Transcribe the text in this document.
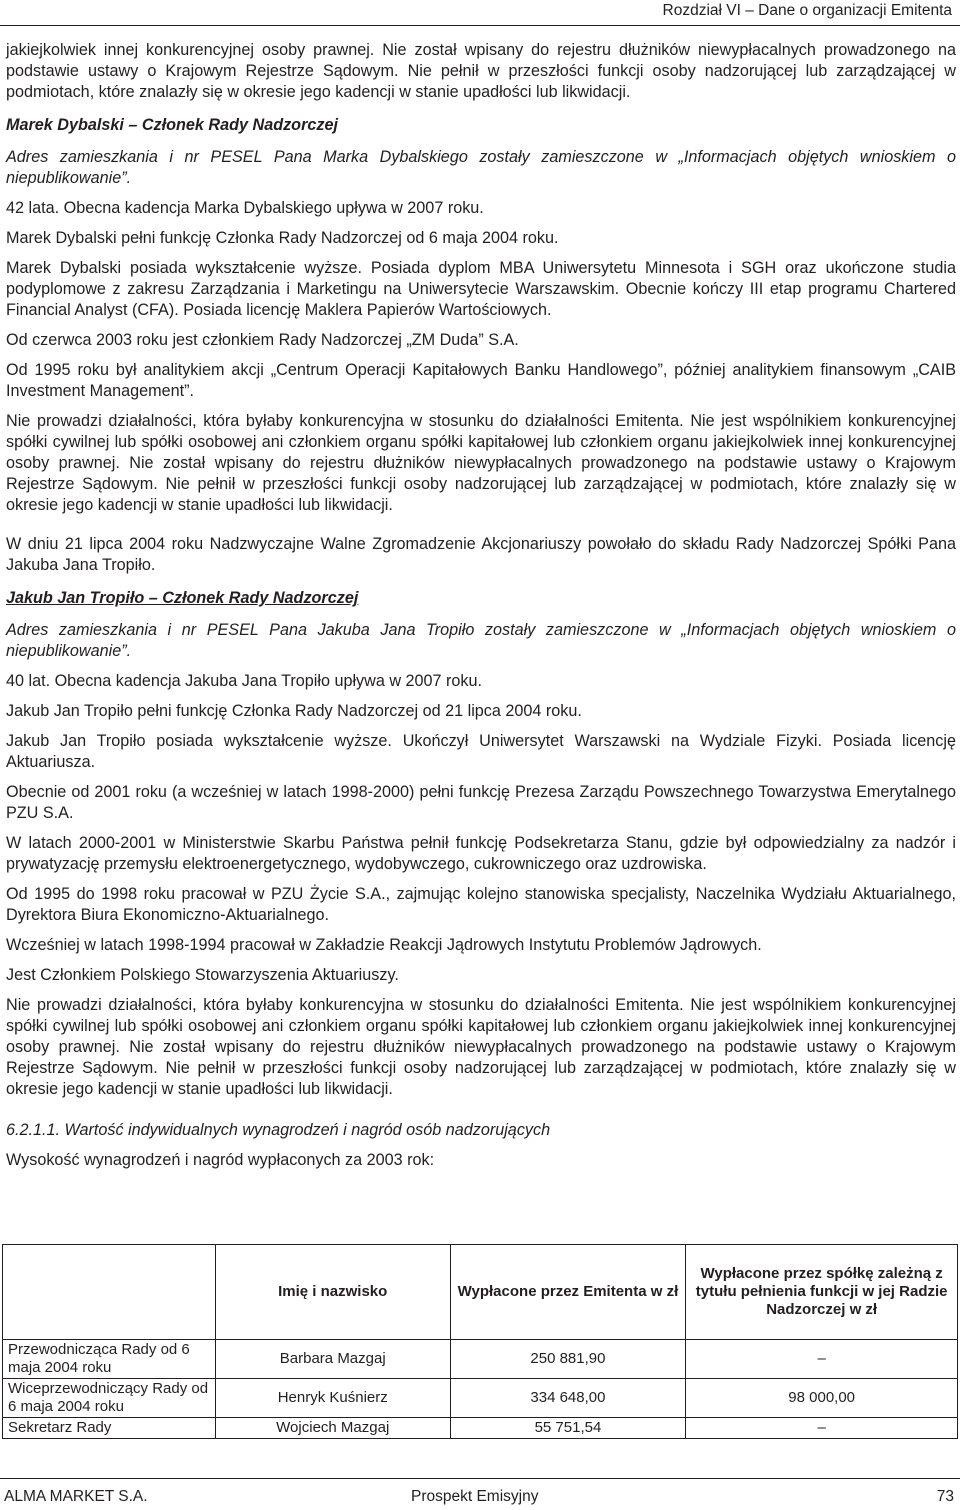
Rozdział VI – Dane o organizacji Emitenta

jakiejkolwiek innej konkurencyjnej osoby prawnej. Nie został wpisany do rejestru dłużników niewypłacalnych prowadzonego na podstawie ustawy o Krajowym Rejestrze Sądowym. Nie pełnił w przeszłości funkcji osoby nadzorującej lub zarządzającej w podmiotach, które znalazły się w okresie jego kadencji w stanie upadłości lub likwidacji.

Marek Dybalski – Członek Rady Nadzorczej

Adres zamieszkania i nr PESEL Pana Marka Dybalskiego zostały zamieszczone w „Informacjach objętych wnioskiem o niepublikowanie”.

42 lata. Obecna kadencja Marka Dybalskiego upływa w 2007 roku.

Marek Dybalski pełni funkcję Członka Rady Nadzorczej od 6 maja 2004 roku.

Marek Dybalski posiada wykształcenie wyższe. Posiada dyplom MBA Uniwersytetu Minnesota i SGH oraz ukończone studia podyplomowe z zakresu Zarządzania i Marketingu na Uniwersytecie Warszawskim. Obecnie kończy III etap programu Chartered Financial Analyst (CFA). Posiada licencję Maklera Papierów Wartościowych.

Od czerwca 2003 roku jest członkiem Rady Nadzorczej „ZM Duda” S.A.

Od 1995 roku był analitykiem akcji „Centrum Operacji Kapitałowych Banku Handlowego”, później analitykiem finansowym „CAIB Investment Management”.

Nie prowadzi działalności, która byłaby konkurencyjna w stosunku do działalności Emitenta. Nie jest wspólnikiem konkurencyjnej spółki cywilnej lub spółki osobowej ani członkiem organu spółki kapitałowej lub członkiem organu jakiejkolwiek innej konkurencyjnej osoby prawnej. Nie został wpisany do rejestru dłużników niewypłacalnych prowadzonego na podstawie ustawy o Krajowym Rejestrze Sądowym. Nie pełnił w przeszłości funkcji osoby nadzorującej lub zarządzającej w podmiotach, które znalazły się w okresie jego kadencji w stanie upadłości lub likwidacji.

W dniu 21 lipca 2004 roku Nadzwyczajne Walne Zgromadzenie Akcjonariuszy powołało do składu Rady Nadzorczej Spółki Pana Jakuba Jana Tropiło.

Jakub Jan Tropiło – Członek Rady Nadzorczej

Adres zamieszkania i nr PESEL Pana Jakuba Jana Tropiło zostały zamieszczone w „Informacjach objętych wnioskiem o niepublikowanie”.

40 lat. Obecna kadencja Jakuba Jana Tropiło upływa w 2007 roku.

Jakub Jan Tropiło pełni funkcję Członka Rady Nadzorczej od 21 lipca 2004 roku.

Jakub Jan Tropiło posiada wykształcenie wyższe. Ukończył Uniwersytet Warszawski na Wydziale Fizyki. Posiada licencję Aktuariusza.

Obecnie od 2001 roku (a wcześniej w latach 1998-2000) pełni funkcję Prezesa Zarządu Powszechnego Towarzystwa Emerytalnego PZU S.A.

W latach 2000-2001 w Ministerstwie Skarbu Państwa pełnił funkcję Podsekretarza Stanu, gdzie był odpowiedzialny za nadzór i prywatyzację przemysłu elektroenergetycznego, wydobywczego, cukrowniczego oraz uzdrowiska.

Od 1995 do 1998 roku pracował w PZU Życie S.A., zajmując kolejno stanowiska specjalisty, Naczelnika Wydziału Aktuarialnego, Dyrektora Biura Ekonomiczno-Aktuarialnego.

Wcześniej w latach 1998-1994 pracował w Zakładzie Reakcji Jądrowych Instytutu Problemów Jądrowych.

Jest Członkiem Polskiego Stowarzyszenia Aktuariuszy.

Nie prowadzi działalności, która byłaby konkurencyjna w stosunku do działalności Emitenta. Nie jest wspólnikiem konkurencyjnej spółki cywilnej lub spółki osobowej ani członkiem organu spółki kapitałowej lub członkiem organu jakiejkolwiek innej konkurencyjnej osoby prawnej. Nie został wpisany do rejestru dłużników niewypłacalnych prowadzonego na podstawie ustawy o Krajowym Rejestrze Sądowym. Nie pełnił w przeszłości funkcji osoby nadzorującej lub zarządzającej w podmiotach, które znalazły się w okresie jego kadencji w stanie upadłości lub likwidacji.

6.2.1.1. Wartość indywidualnych wynagrodzeń i nagród osób nadzorujących

Wysokość wynagrodzeń i nagród wypłaconych za 2003 rok:

	Imię i nazwisko	Wypłacone przez Emitenta w zł	Wypłacone przez spółkę zależną z tytułu pełnienia funkcji w jej Radzie Nadzorczej w zł
Przewodnicząca Rady od 6 maja 2004 roku	Barbara Mazgaj	250 881,90	–
Wiceprzewodniczący Rady od 6 maja 2004 roku	Henryk Kuśnierz	334 648,00	98 000,00
Sekretarz Rady	Wojciech Mazgaj	55 751,54	–
ALMA MARKET S.A.	Prospekt Emisyjny	73
